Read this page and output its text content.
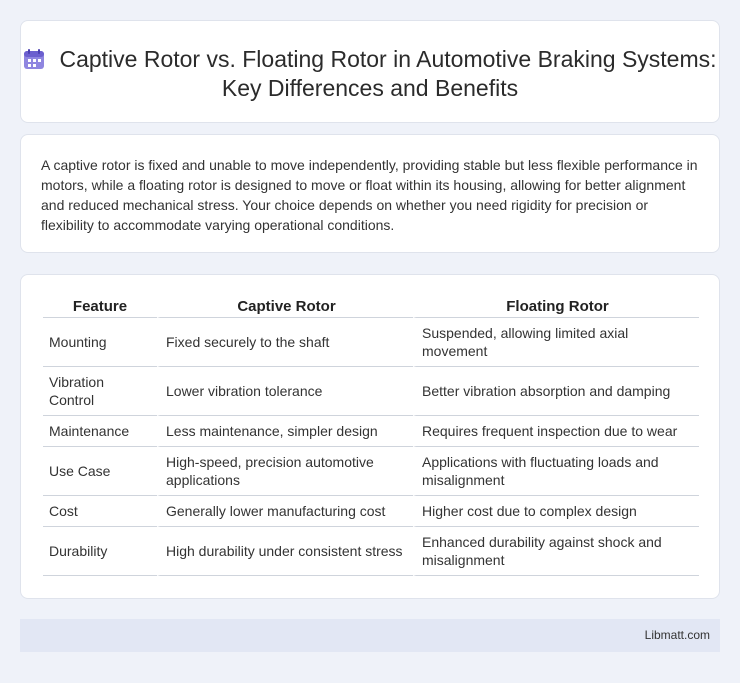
Captive Rotor vs. Floating Rotor in Automotive Braking Systems: Key Differences and Benefits

A captive rotor is fixed and unable to move independently, providing stable but less flexible performance in motors, while a floating rotor is designed to move or float within its housing, allowing for better alignment and reduced mechanical stress. Your choice depends on whether you need rigidity for precision or flexibility to accommodate varying operational conditions.

Feature	Captive Rotor	Floating Rotor
Mounting	Fixed securely to the shaft	Suspended, allowing limited axial movement
Vibration Control	Lower vibration tolerance	Better vibration absorption and damping
Maintenance	Less maintenance, simpler design	Requires frequent inspection due to wear
Use Case	High-speed, precision automotive applications	Applications with fluctuating loads and misalignment
Cost	Generally lower manufacturing cost	Higher cost due to complex design
Durability	High durability under consistent stress	Enhanced durability against shock and misalignment
Libmatt.com
